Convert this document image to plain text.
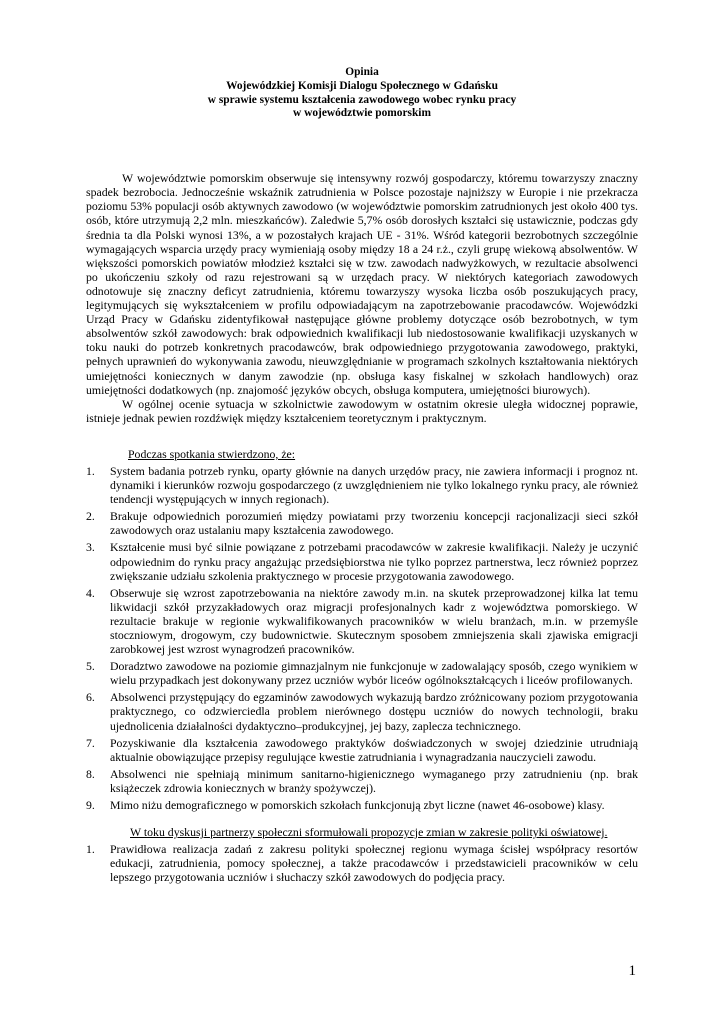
Opinia
Wojewódzkiej Komisji Dialogu Społecznego w Gdańsku
w sprawie systemu kształcenia zawodowego wobec rynku pracy
w województwie pomorskim

W województwie pomorskim obserwuje się intensywny rozwój gospodarczy, któremu towarzyszy znaczny spadek bezrobocia. Jednocześnie wskaźnik zatrudnienia w Polsce pozostaje najniższy w Europie i nie przekracza poziomu 53% populacji osób aktywnych zawodowo (w województwie pomorskim zatrudnionych jest około 400 tys. osób, które utrzymują 2,2 mln. mieszkańców). Zaledwie 5,7% osób dorosłych kształci się ustawicznie, podczas gdy średnia ta dla Polski wynosi 13%, a w pozostałych krajach UE - 31%. Wśród kategorii bezrobotnych szczególnie wymagających wsparcia urzędy pracy wymieniają osoby między 18 a 24 r.ż., czyli grupę wiekową absolwentów. W większości pomorskich powiatów młodzież kształci się w tzw. zawodach nadwyżkowych, w rezultacie absolwenci po ukończeniu szkoły od razu rejestrowani są w urzędach pracy. W niektórych kategoriach zawodowych odnotowuje się znaczny deficyt zatrudnienia, któremu towarzyszy wysoka liczba osób poszukujących pracy, legitymujących się wykształceniem w profilu odpowiadającym na zapotrzebowanie pracodawców. Wojewódzki Urząd Pracy w Gdańsku zidentyfikował następujące główne problemy dotyczące osób bezrobotnych, w tym absolwentów szkół zawodowych: brak odpowiednich kwalifikacji lub niedostosowanie kwalifikacji uzyskanych w toku nauki do potrzeb konkretnych pracodawców, brak odpowiedniego przygotowania zawodowego, praktyki, pełnych uprawnień do wykonywania zawodu, nieuwzględnianie w programach szkolnych kształtowania niektórych umiejętności koniecznych w danym zawodzie (np. obsługa kasy fiskalnej w szkołach handlowych) oraz umiejętności dodatkowych (np. znajomość języków obcych, obsługa komputera, umiejętności biurowych).

W ogólnej ocenie sytuacja w szkolnictwie zawodowym w ostatnim okresie uległa widocznej poprawie, istnieje jednak pewien rozdźwięk między kształceniem teoretycznym i praktycznym.

Podczas spotkania stwierdzono, że:
1. System badania potrzeb rynku, oparty głównie na danych urzędów pracy, nie zawiera informacji i prognoz nt. dynamiki i kierunków rozwoju gospodarczego (z uwzględnieniem nie tylko lokalnego rynku pracy, ale również tendencji występujących w innych regionach).
2. Brakuje odpowiednich porozumień między powiatami przy tworzeniu koncepcji racjonalizacji sieci szkół zawodowych oraz ustalaniu mapy kształcenia zawodowego.
3. Kształcenie musi być silnie powiązane z potrzebami pracodawców w zakresie kwalifikacji. Należy je uczynić odpowiednim do rynku pracy angażując przedsiębiorstwa nie tylko poprzez partnerstwa, lecz również poprzez zwiększanie udziału szkolenia praktycznego w procesie przygotowania zawodowego.
4. Obserwuje się wzrost zapotrzebowania na niektóre zawody m.in. na skutek przeprowadzonej kilka lat temu likwidacji szkół przyzakładowych oraz migracji profesjonalnych kadr z województwa pomorskiego. W rezultacie brakuje w regionie wykwalifikowanych pracowników w wielu branżach, m.in. w przemyśle stoczniowym, drogowym, czy budownictwie. Skutecznym sposobem zmniejszenia skali zjawiska emigracji zarobkowej jest wzrost wynagrodzeń pracowników.
5. Doradztwo zawodowe na poziomie gimnazjalnym nie funkcjonuje w zadowalający sposób, czego wynikiem w wielu przypadkach jest dokonywany przez uczniów wybór liceów ogólnokształcących i liceów profilowanych.
6. Absolwenci przystępujący do egzaminów zawodowych wykazują bardzo zróżnicowany poziom przygotowania praktycznego, co odzwierciedla problem nierównego dostępu uczniów do nowych technologii, braku ujednolicenia działalności dydaktyczno–produkcyjnej, jej bazy, zaplecza technicznego.
7. Pozyskiwanie dla kształcenia zawodowego praktyków doświadczonych w swojej dziedzinie utrudniają aktualnie obowiązujące przepisy regulujące kwestie zatrudniania i wynagradzania nauczycieli zawodu.
8. Absolwenci nie spełniają minimum sanitarno-higienicznego wymaganego przy zatrudnieniu (np. brak książeczek zdrowia koniecznych w branży spożywczej).
9. Mimo niżu demograficznego w pomorskich szkołach funkcjonują zbyt liczne (nawet 46-osobowe) klasy.
W toku dyskusji partnerzy społeczni sformułowali propozycje zmian w zakresie polityki oświatowej.
1. Prawidłowa realizacja zadań z zakresu polityki społecznej regionu wymaga ścisłej współpracy resortów edukacji, zatrudnienia, pomocy społecznej, a także pracodawców i przedstawicieli pracowników w celu lepszego przygotowania uczniów i słuchaczy szkół zawodowych do podjęcia pracy.
1
